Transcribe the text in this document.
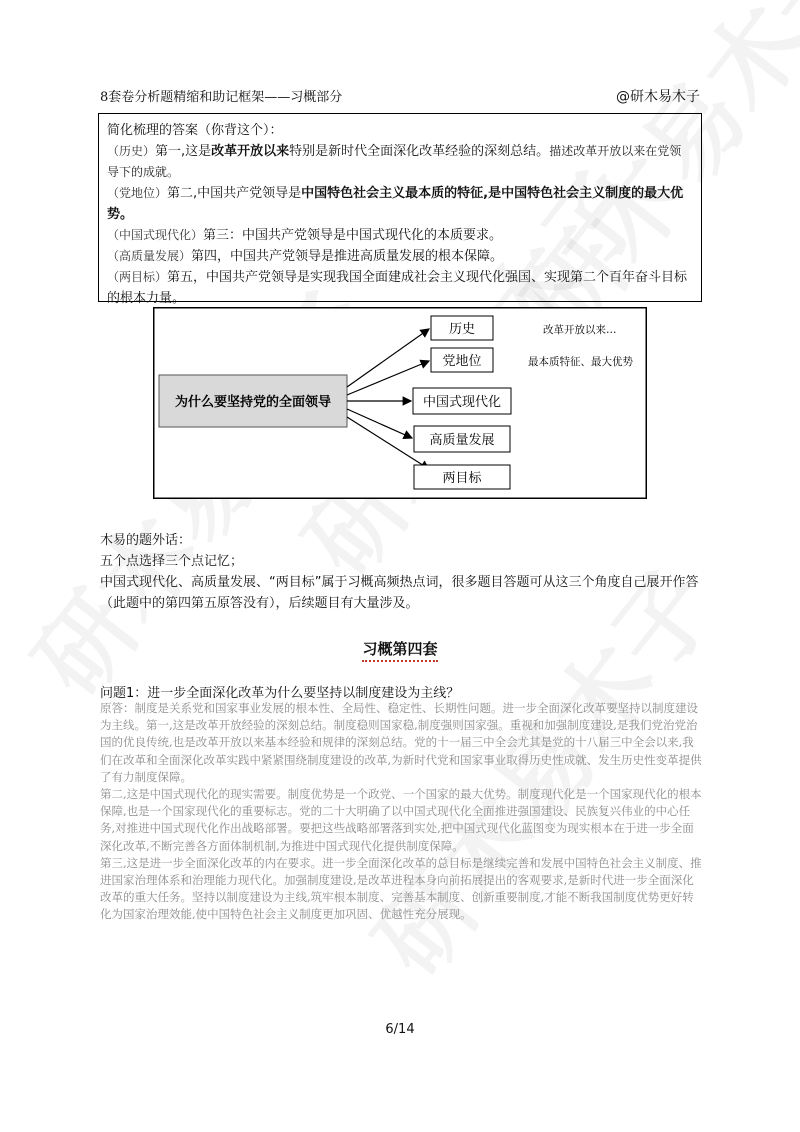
8套卷分析题精缩和助记框架——习概部分	@研木易木子

简化梳理的答案（你背这个）：

（历史）第一,这是改革开放以来特别是新时代全面深化改革经验的深刻总结。描述改革开放以来在党领导下的成就。

（党地位）第二,中国共产党领导是中国特色社会主义最本质的特征,是中国特色社会主义制度的最大优势。

（中国式现代化）第三：中国共产党领导是中国式现代化的本质要求。

（高质量发展）第四，中国共产党领导是推进高质量发展的根本保障。

（两目标）第五，中国共产党领导是实现我国全面建成社会主义现代化强国、实现第二个百年奋斗目标的根本力量。

为什么要坚持党的全面领导
历史
党地位
中国式现代化
高质量发展
两目标
改革开放以来…
最本质特征、最大优势

木易的题外话：

五个点选择三个点记忆；

中国式现代化、高质量发展、“两目标”属于习概高频热点词，很多题目答题可从这三个角度自己展开作答（此题中的第四第五原答没有），后续题目有大量涉及。

习概第四套
问题1：进一步全面深化改革为什么要坚持以制度建设为主线？

原答：制度是关系党和国家事业发展的根本性、全局性、稳定性、长期性问题。进一步全面深化改革要坚持以制度建设为主线。第一,这是改革开放经验的深刻总结。制度稳则国家稳,制度强则国家强。重视和加强制度建设,是我们党治党治国的优良传统,也是改革开放以来基本经验和规律的深刻总结。党的十一届三中全会尤其是党的十八届三中全会以来,我们在改革和全面深化改革实践中紧紧围绕制度建设的改革,为新时代党和国家事业取得历史性成就、发生历史性变革提供了有力制度保障。

第二,这是中国式现代化的现实需要。制度优势是一个政党、一个国家的最大优势。制度现代化是一个国家现代化的根本保障,也是一个国家现代化的重要标志。党的二十大明确了以中国式现代化全面推进强国建设、民族复兴伟业的中心任务,对推进中国式现代化作出战略部署。要把这些战略部署落到实处,把中国式现代化蓝图变为现实根本在于进一步全面深化改革,不断完善各方面体制机制,为推进中国式现代化提供制度保障。

第三,这是进一步全面深化改革的内在要求。进一步全面深化改革的总目标是继续完善和发展中国特色社会主义制度、推进国家治理体系和治理能力现代化。加强制度建设,是改革进程本身向前拓展提出的客观要求,是新时代进一步全面深化改革的重大任务。坚持以制度建设为主线,筑牢根本制度、完善基本制度、创新重要制度,才能不断我国制度优势更好转化为国家治理效能,使中国特色社会主义制度更加巩固、优越性充分展现。

6/14
